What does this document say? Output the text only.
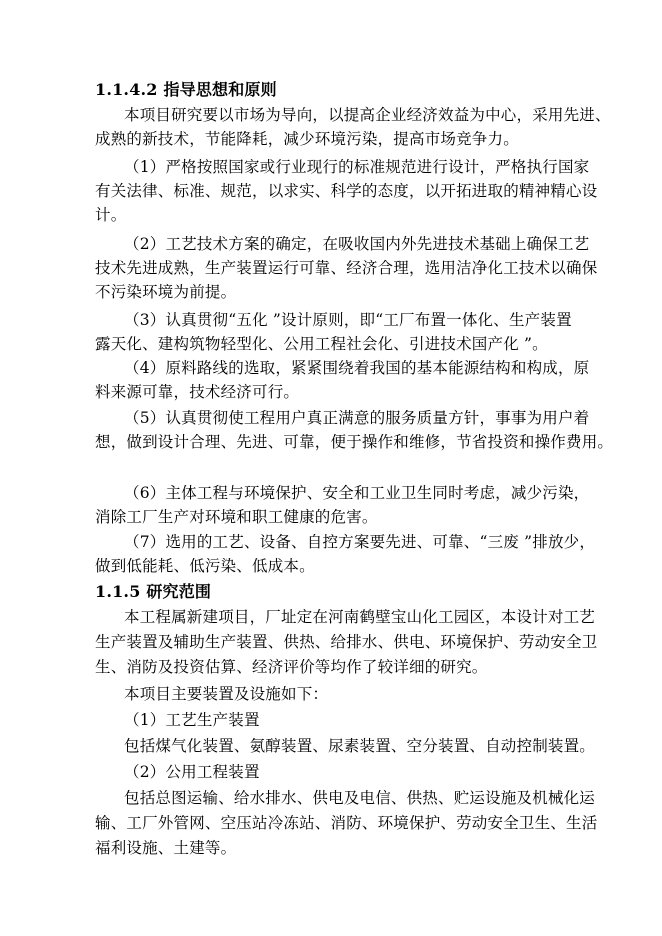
1.1.4.2 指导思想和原则
本项目研究要以市场为导向，以提高企业经济效益为中心，采用先进、
成熟的新技术，节能降耗，减少环境污染，提高市场竞争力。
（1）严格按照国家或行业现行的标准规范进行设计，严格执行国家
有关法律、标准、规范，以求实、科学的态度，以开拓进取的精神精心设
计。
（2）工艺技术方案的确定，在吸收国内外先进技术基础上确保工艺
技术先进成熟，生产装置运行可靠、经济合理，选用洁净化工技术以确保
不污染环境为前提。
（3）认真贯彻“五化 ”设计原则，即“工厂布置一体化、生产装置
露天化、建构筑物轻型化、公用工程社会化、引进技术国产化 ”。
（4）原料路线的选取，紧紧围绕着我国的基本能源结构和构成，原
料来源可靠，技术经济可行。
（5）认真贯彻使工程用户真正满意的服务质量方针，事事为用户着
想，做到设计合理、先进、可靠，便于操作和维修，节省投资和操作费用。
（6）主体工程与环境保护、安全和工业卫生同时考虑，减少污染，
消除工厂生产对环境和职工健康的危害。
（7）选用的工艺、设备、自控方案要先进、可靠、“三废 ”排放少，
做到低能耗、低污染、低成本。
1.1.5 研究范围
本工程属新建项目，厂址定在河南鹤壁宝山化工园区，本设计对工艺
生产装置及辅助生产装置、供热、给排水、供电、环境保护、劳动安全卫
生、消防及投资估算、经济评价等均作了较详细的研究。
本项目主要装置及设施如下：
（1）工艺生产装置
包括煤气化装置、氨醇装置、尿素装置、空分装置、自动控制装置。
（2）公用工程装置
包括总图运输、给水排水、供电及电信、供热、贮运设施及机械化运
输、工厂外管网、空压站冷冻站、消防、环境保护、劳动安全卫生、生活
福利设施、土建等。
